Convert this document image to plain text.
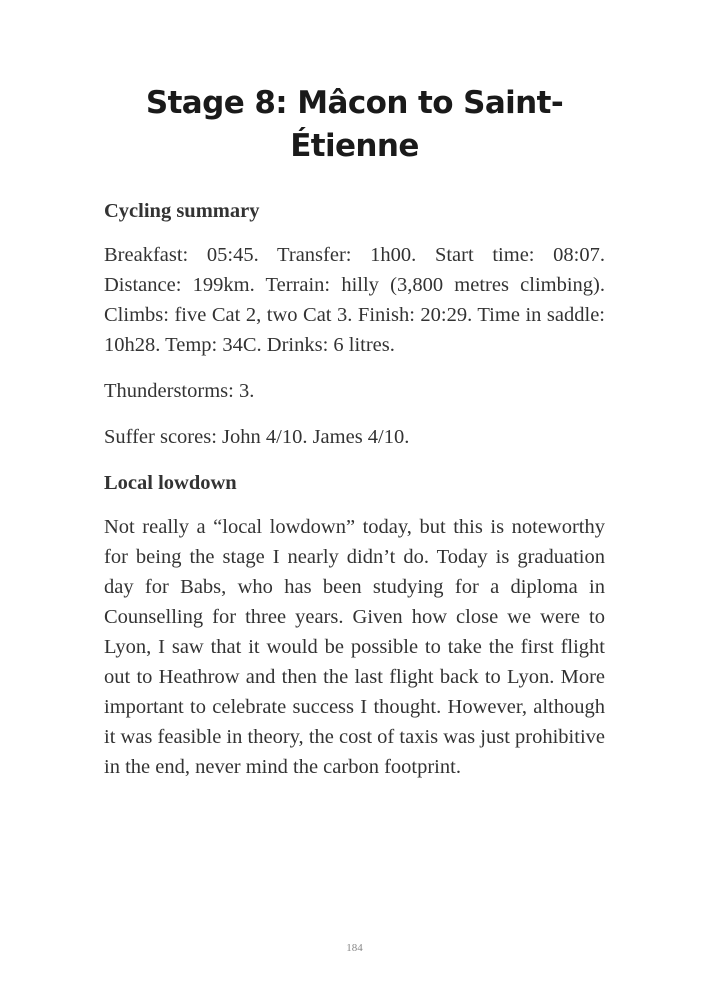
Stage 8: Mâcon to Saint-Étienne
Cycling summary

Breakfast: 05:45. Transfer: 1h00. Start time: 08:07. Distance: 199km. Terrain: hilly (3,800 metres climbing). Climbs: five Cat 2, two Cat 3. Finish: 20:29. Time in saddle: 10h28. Temp: 34C. Drinks: 6 litres.

Thunderstorms: 3.

Suffer scores: John 4/10. James 4/10.

Local lowdown

Not really a “local lowdown” today, but this is noteworthy for being the stage I nearly didn’t do. Today is graduation day for Babs, who has been studying for a diploma in Counselling for three years. Given how close we were to Lyon, I saw that it would be possible to take the first flight out to Heathrow and then the last flight back to Lyon. More important to celebrate success I thought. However, although it was feasible in theory, the cost of taxis was just prohibitive in the end, never mind the carbon footprint.

184
